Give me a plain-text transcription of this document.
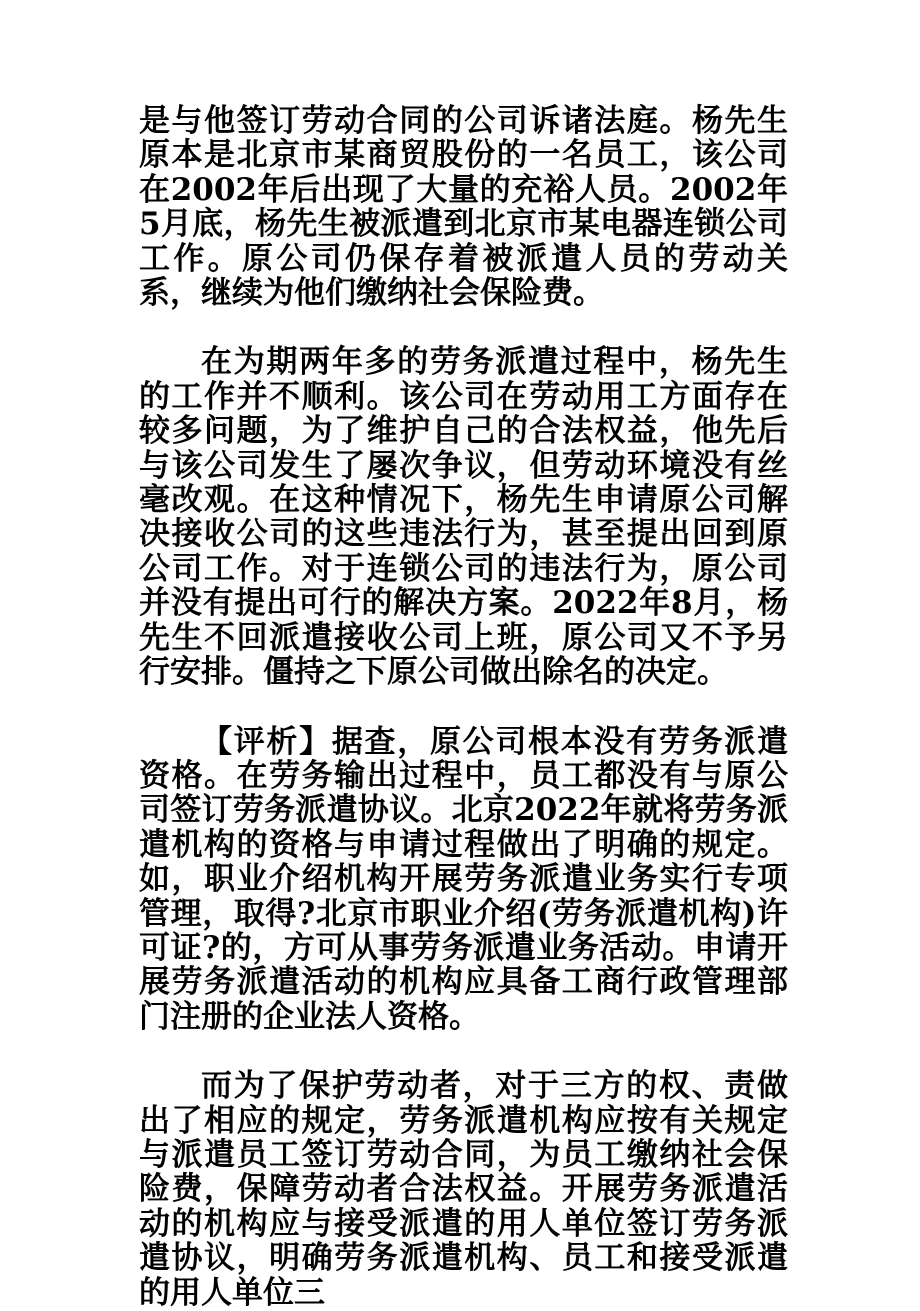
是与他签订劳动合同的公司诉诸法庭。杨先生原本是北京市某商贸股份的一名员工，该公司在2002年后出现了大量的充裕人员。2002年5月底，杨先生被派遣到北京市某电器连锁公司工作。原公司仍保存着被派遣人员的劳动关系，继续为他们缴纳社会保险费。

在为期两年多的劳务派遣过程中，杨先生的工作并不顺利。该公司在劳动用工方面存在较多问题，为了维护自己的合法权益，他先后与该公司发生了屡次争议，但劳动环境没有丝毫改观。在这种情况下，杨先生申请原公司解决接收公司的这些违法行为，甚至提出回到原公司工作。对于连锁公司的违法行为，原公司并没有提出可行的解决方案。2022年8月，杨先生不回派遣接收公司上班，原公司又不予另行安排。僵持之下原公司做出除名的决定。

【评析】据查，原公司根本没有劳务派遣资格。在劳务输出过程中，员工都没有与原公司签订劳务派遣协议。北京2022年就将劳务派遣机构的资格与申请过程做出了明确的规定。如，职业介绍机构开展劳务派遣业务实行专项管理，取得?北京市职业介绍(劳务派遣机构)许可证?的，方可从事劳务派遣业务活动。申请开展劳务派遣活动的机构应具备工商行政管理部门注册的企业法人资格。

而为了保护劳动者，对于三方的权、责做出了相应的规定，劳务派遣机构应按有关规定与派遣员工签订劳动合同，为员工缴纳社会保险费，保障劳动者合法权益。开展劳务派遣活动的机构应与接受派遣的用人单位签订劳务派遣协议，明确劳务派遣机构、员工和接受派遣的用人单位三
